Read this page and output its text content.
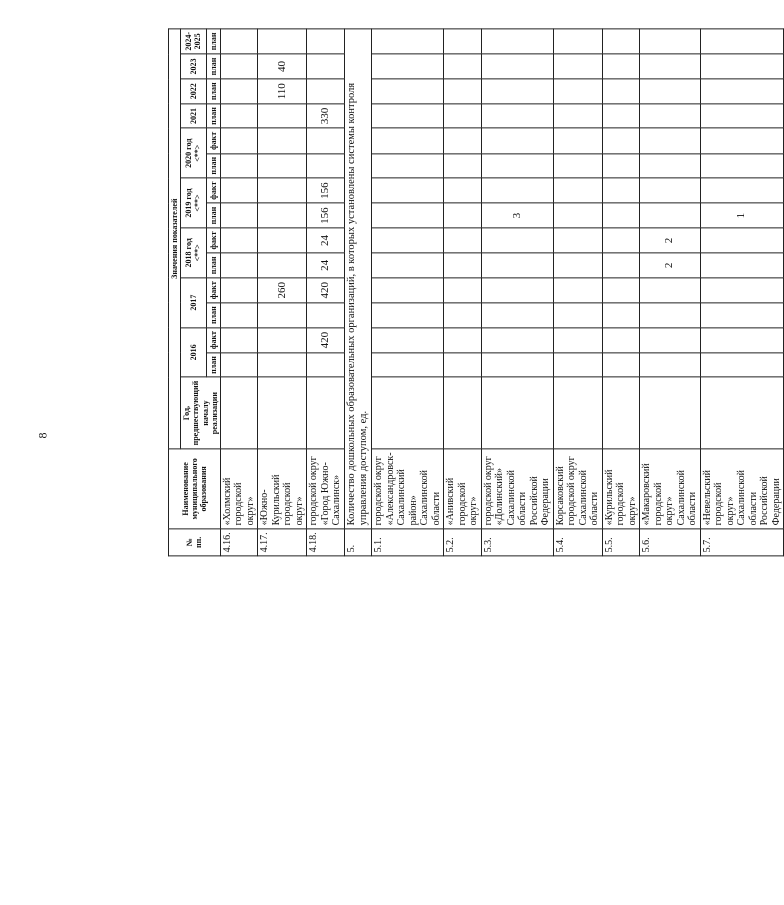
8
№ пп.	Наименование муниципального образования	Значения показателей														
		Год, предшествующий началу реализации	2016		2017		2018 год <**>		2019 год <**>		2020 год <**>		2021	2022	2023	2024-2025
			план	факт	план	факт	план	факт	план	факт	план	факт	план	план	план	план
4.16.	«Холмский городской округ»															
4.17.	«Южно-Курильский городской округ»					260								110	40	
4.18.	городской округ «Город Южно-Сахалинск»			420		420	24	24	156	156			330			
5.	Количество дошкольных образовательных организаций, в которых установлены системы контроля управления доступом, ед.															
5.1.	городской округ «Александровск-Сахалинский район» Сахалинской области															
5.2.	«Анивский городской округ»															
5.3.	городской округ «Долинский» Сахалинской области Российской Федерации								3							
5.4.	Корсаковский городской округ Сахалинской области															
5.5.	«Курильский городской округ»															
5.6.	«Макаровский городской округ» Сахалинской области						2	2								
5.7.	«Невельский городской округ» Сахалинской области Российской Федерации								1							
